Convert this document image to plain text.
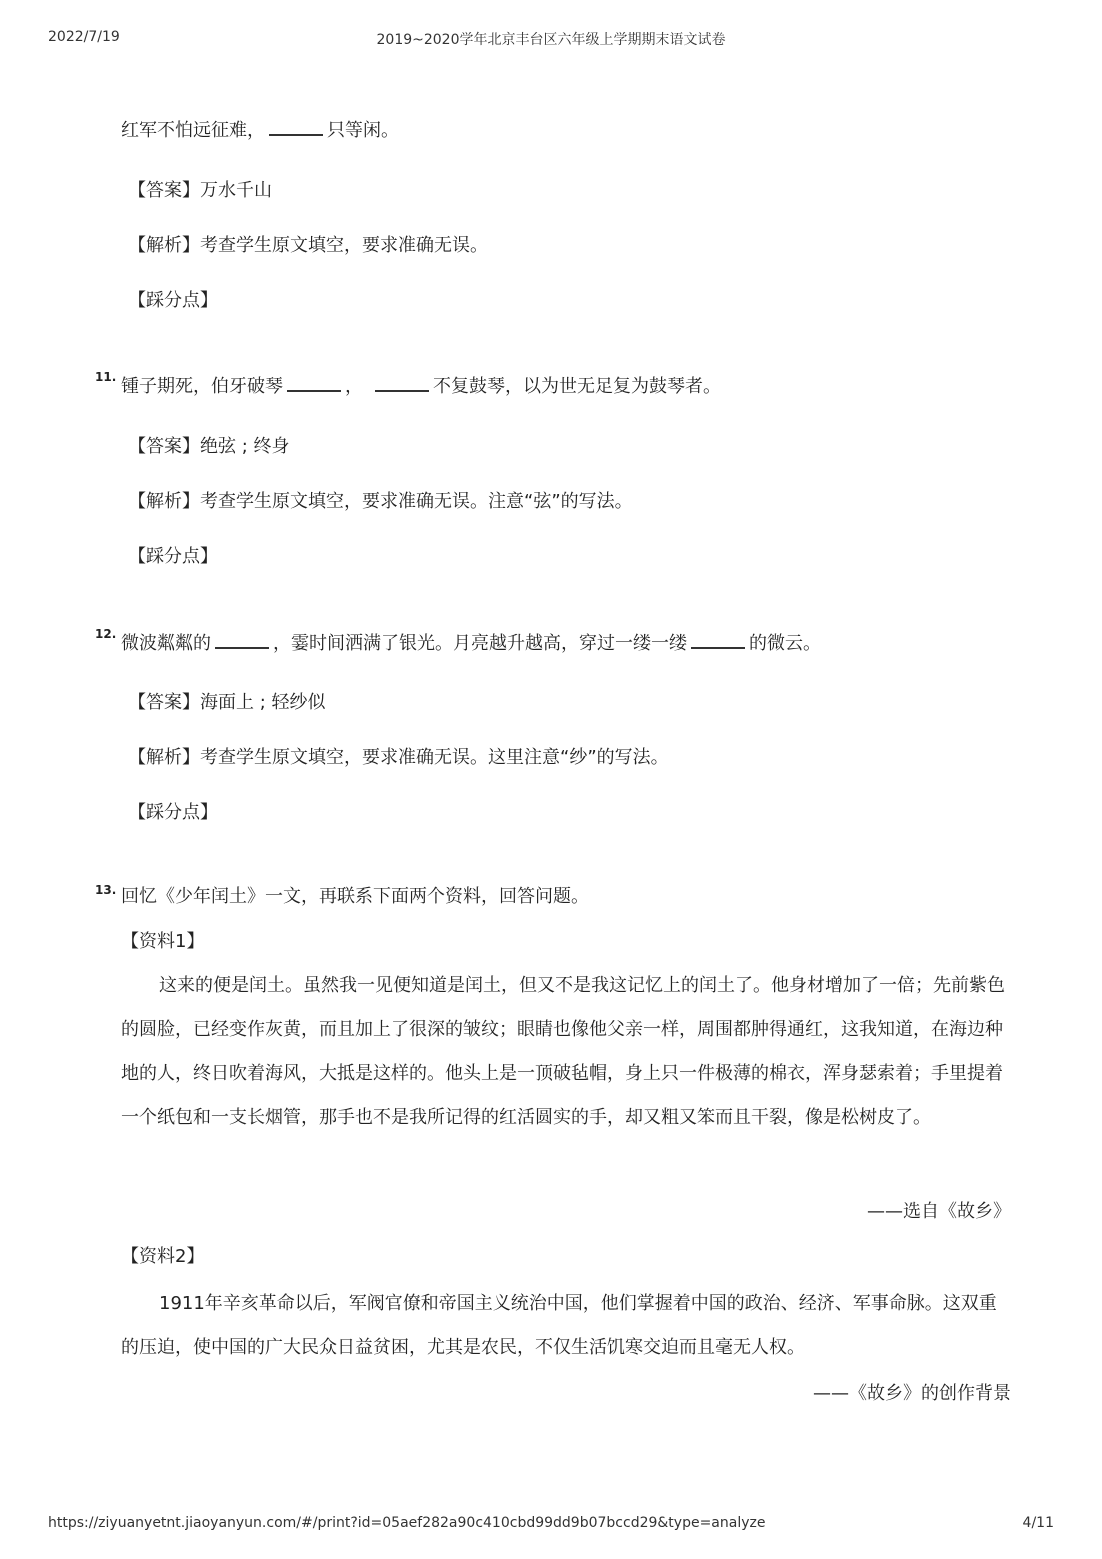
2022/7/19	2019~2020学年北京丰台区六年级上学期期末语文试卷
红军不怕远征难，	只等闲。
【答案】万水千山
【解析】考查学生原文填空，要求准确无误。
【踩分点】
11. 锺子期死，伯牙破琴	，	不复鼓琴，以为世无足复为鼓琴者。
【答案】绝弦 ; 终身
【解析】考查学生原文填空，要求准确无误。注意“弦”的写法。
【踩分点】
12. 微波粼粼的	，霎时间洒满了银光。月亮越升越高，穿过一缕一缕	的微云。
【答案】海面上 ; 轻纱似
【解析】考查学生原文填空，要求准确无误。这里注意“纱”的写法。
【踩分点】
13. 回忆《少年闰土》一文，再联系下面两个资料，回答问题。
【资料1】
这来的便是闰土。虽然我一见便知道是闰土，但又不是我这记忆上的闰土了。他身材增加了一倍；先前紫色的圆脸，已经变作灰黄，而且加上了很深的皱纹；眼睛也像他父亲一样，周围都肿得通红，这我知道，在海边种地的人，终日吹着海风，大抵是这样的。他头上是一顶破毡帽，身上只一件极薄的棉衣，浑身瑟索着；手里提着一个纸包和一支长烟管，那手也不是我所记得的红活圆实的手，却又粗又笨而且干裂，像是松树皮了。
——选自《故乡》
【资料2】
1911年辛亥革命以后，军阀官僚和帝国主义统治中国，他们掌握着中国的政治、经济、军事命脉。这双重的压迫，使中国的广大民众日益贫困，尤其是农民，不仅生活饥寒交迫而且毫无人权。
——《故乡》的创作背景
https://ziyuanyetnt.jiaoyanyun.com/#/print?id=05aef282a90c410cbd99dd9b07bccd29&type=analyze	4/11
